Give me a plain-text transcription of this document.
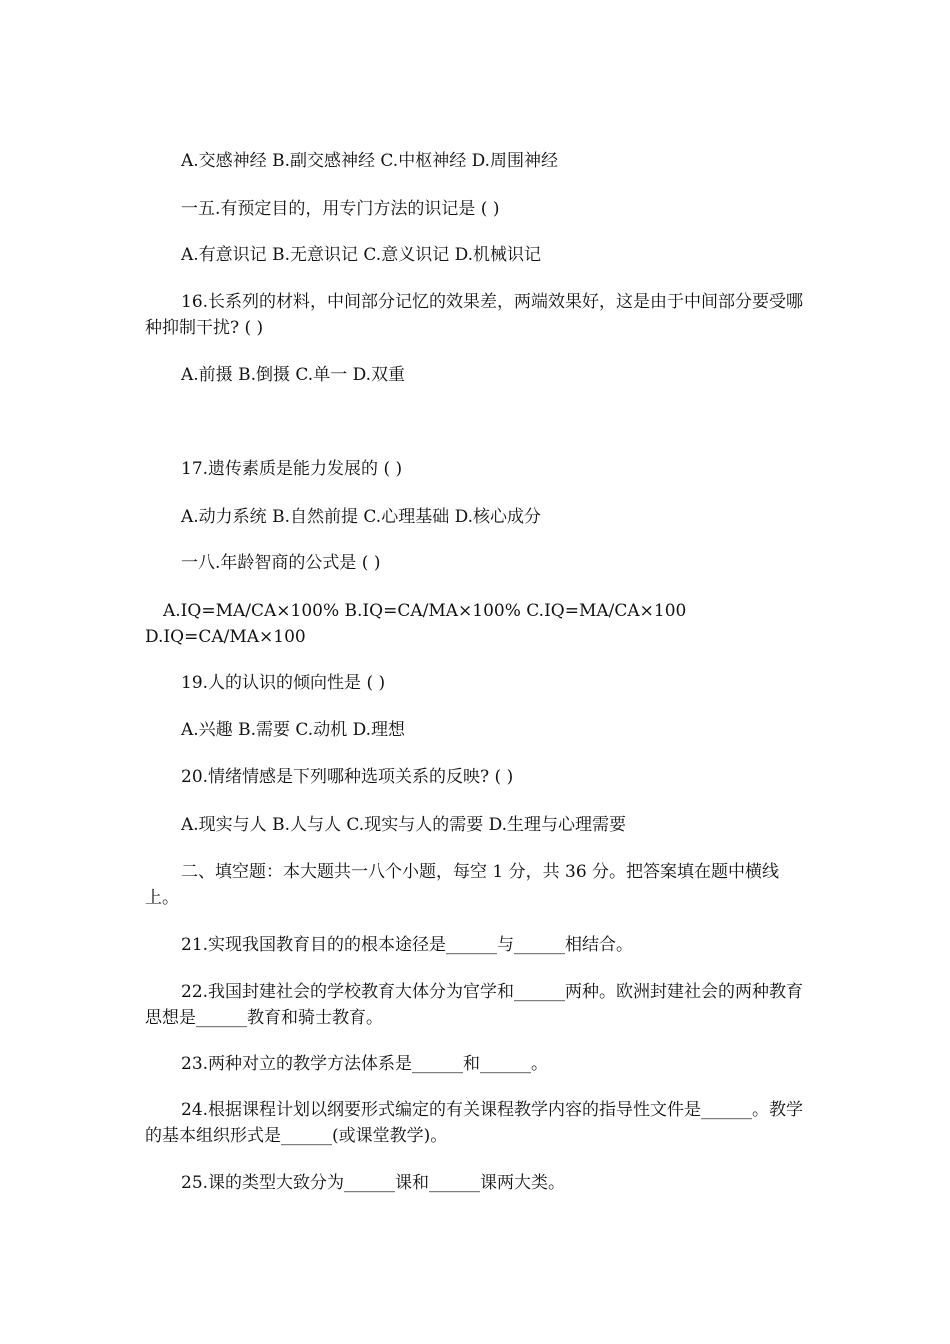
A.交感神经 B.副交感神经 C.中枢神经 D.周围神经

一五.有预定目的，用专门方法的识记是 ( )

A.有意识记 B.无意识记 C.意义识记 D.机械识记

16.长系列的材料，中间部分记忆的效果差，两端效果好，这是由于中间部分要受哪种抑制干扰? ( )

A.前摄 B.倒摄 C.单一 D.双重

17.遗传素质是能力发展的 ( )

A.动力系统 B.自然前提 C.心理基础 D.核心成分

一八.年龄智商的公式是 ( )

A.IQ=MA/CA×100% B.IQ=CA/MA×100% C.IQ=MA/CA×100

D.IQ=CA/MA×100

19.人的认识的倾向性是 ( )

A.兴趣 B.需要 C.动机 D.理想

20.情绪情感是下列哪种选项关系的反映? ( )

A.现实与人 B.人与人 C.现实与人的需要 D.生理与心理需要

二、填空题：本大题共一八个小题，每空 1 分，共 36 分。把答案填在题中横线上。

21.实现我国教育目的的根本途径是______与______相结合。

22.我国封建社会的学校教育大体分为官学和______两种。欧洲封建社会的两种教育思想是______教育和骑士教育。

23.两种对立的教学方法体系是______和______。

24.根据课程计划以纲要形式编定的有关课程教学内容的指导性文件是______。教学的基本组织形式是______(或课堂教学)。

25.课的类型大致分为______课和______课两大类。
